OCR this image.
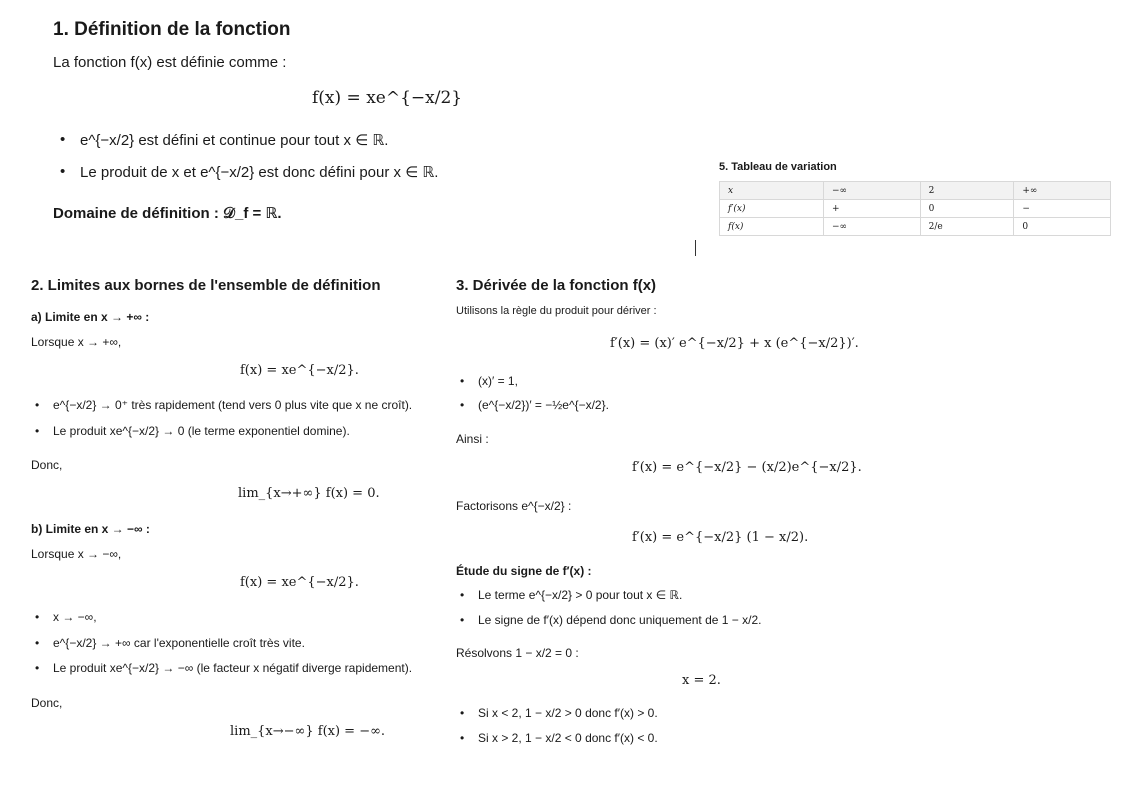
1. Définition de la fonction
La fonction f(x) est définie comme :
f(x) = xe^{−x/2}
• e^{−x/2} est défini et continue pour tout x ∈ ℝ.
• Le produit de x et e^{−x/2} est donc défini pour x ∈ ℝ.
Domaine de définition : 𝒟_f = ℝ.
5. Tableau de variation
x	−∞	2	+∞
f′(x)	+	0	−
f(x)	−∞	2/e	0
2. Limites aux bornes de l'ensemble de définition
a) Limite en x → +∞ :
Lorsque x → +∞,
f(x) = xe^{−x/2}.
• e^{−x/2} → 0⁺ très rapidement (tend vers 0 plus vite que x ne croît).
• Le produit xe^{−x/2} → 0 (le terme exponentiel domine).
Donc,
lim_{x→+∞} f(x) = 0.
b) Limite en x → −∞ :
Lorsque x → −∞,
f(x) = xe^{−x/2}.
• x → −∞,
• e^{−x/2} → +∞ car l'exponentielle croît très vite.
• Le produit xe^{−x/2} → −∞ (le facteur x négatif diverge rapidement).
Donc,
lim_{x→−∞} f(x) = −∞.
3. Dérivée de la fonction f(x)
Utilisons la règle du produit pour dériver :
f′(x) = (x)′ e^{−x/2} + x (e^{−x/2})′.
• (x)′ = 1,
• (e^{−x/2})′ = −½e^{−x/2}.
Ainsi :
f′(x) = e^{−x/2} − (x/2)e^{−x/2}.
Factorisons e^{−x/2} :
f′(x) = e^{−x/2} (1 − x/2).
Étude du signe de f′(x) :
• Le terme e^{−x/2} > 0 pour tout x ∈ ℝ.
• Le signe de f′(x) dépend donc uniquement de 1 − x/2.
Résolvons 1 − x/2 = 0 :
x = 2.
• Si x < 2, 1 − x/2 > 0 donc f′(x) > 0.
• Si x > 2, 1 − x/2 < 0 donc f′(x) < 0.
